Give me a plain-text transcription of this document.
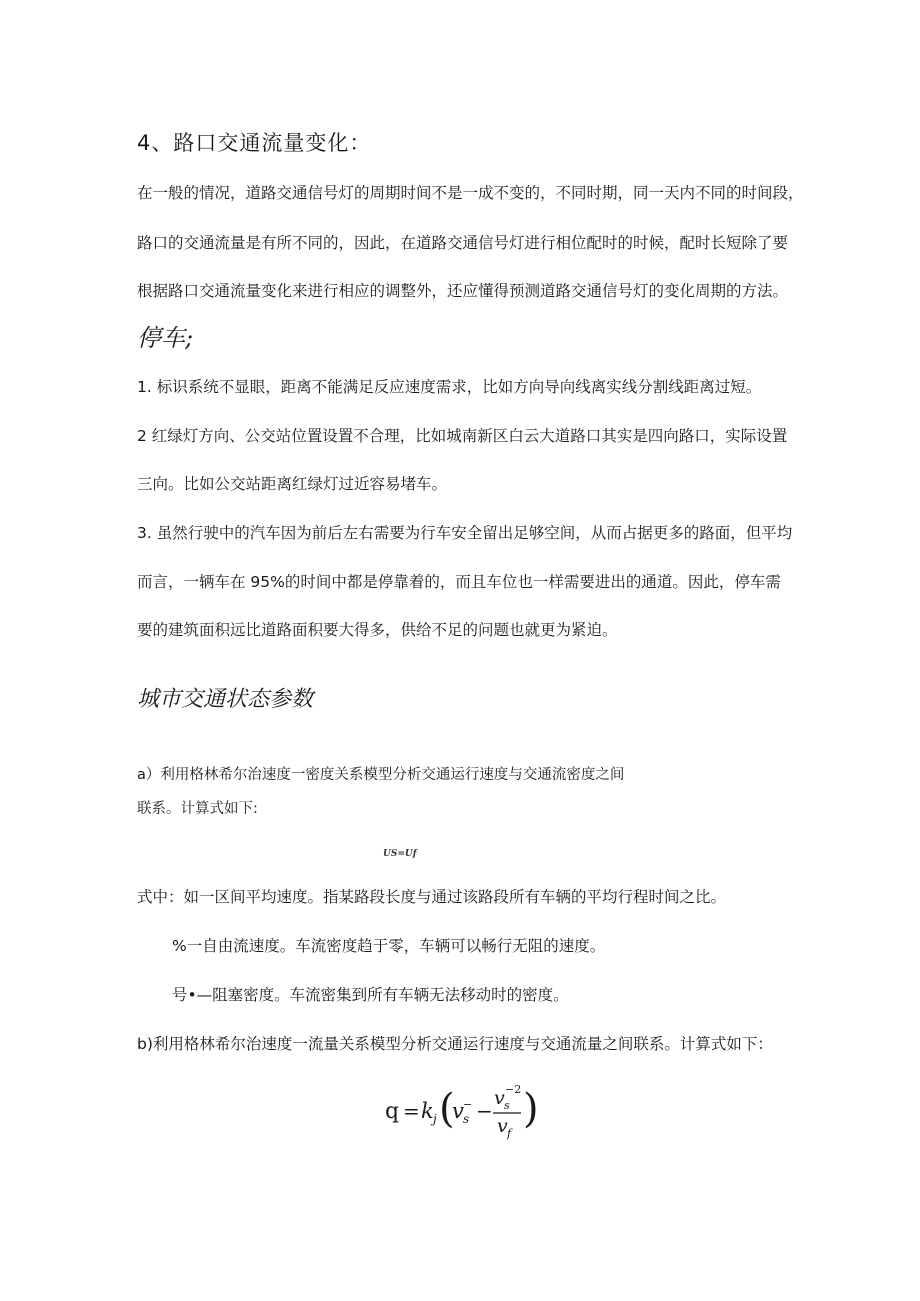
4、路口交通流量变化：
在一般的情况，道路交通信号灯的周期时间不是一成不变的，不同时期，同一天内不同的时间段，
路口的交通流量是有所不同的，因此，在道路交通信号灯进行相位配时的时候，配时长短除了要
根据路口交通流量变化来进行相应的调整外，还应懂得预测道路交通信号灯的变化周期的方法。
停车;
1. 标识系统不显眼，距离不能满足反应速度需求，比如方向导向线离实线分割线距离过短。
2 红绿灯方向、公交站位置设置不合理，比如城南新区白云大道路口其实是四向路口，实际设置
三向。比如公交站距离红绿灯过近容易堵车。
3. 虽然行驶中的汽车因为前后左右需要为行车安全留出足够空间，从而占据更多的路面，但平均
而言，一辆车在 95%的时间中都是停靠着的，而且车位也一样需要进出的通道。因此，停车需
要的建筑面积远比道路面积要大得多，供给不足的问题也就更为紧迫。
城市交通状态参数
a）利用格林希尔治速度一密度关系模型分析交通运行速度与交通流密度之间
联系。计算式如下:
US=Uf
式中：如一区间平均速度。指某路段长度与通过该路段所有车辆的平均行程时间之比。
%一自由流速度。车流密度趋于零，车辆可以畅行无阻的速度。
号•—阻塞密度。车流密集到所有车辆无法移动时的密度。
b)利用格林希尔治速度一流量关系模型分析交通运行速度与交通流量之间联系。计算式如下：
q = k j (
v −
s −
v s
−2
v f
)
